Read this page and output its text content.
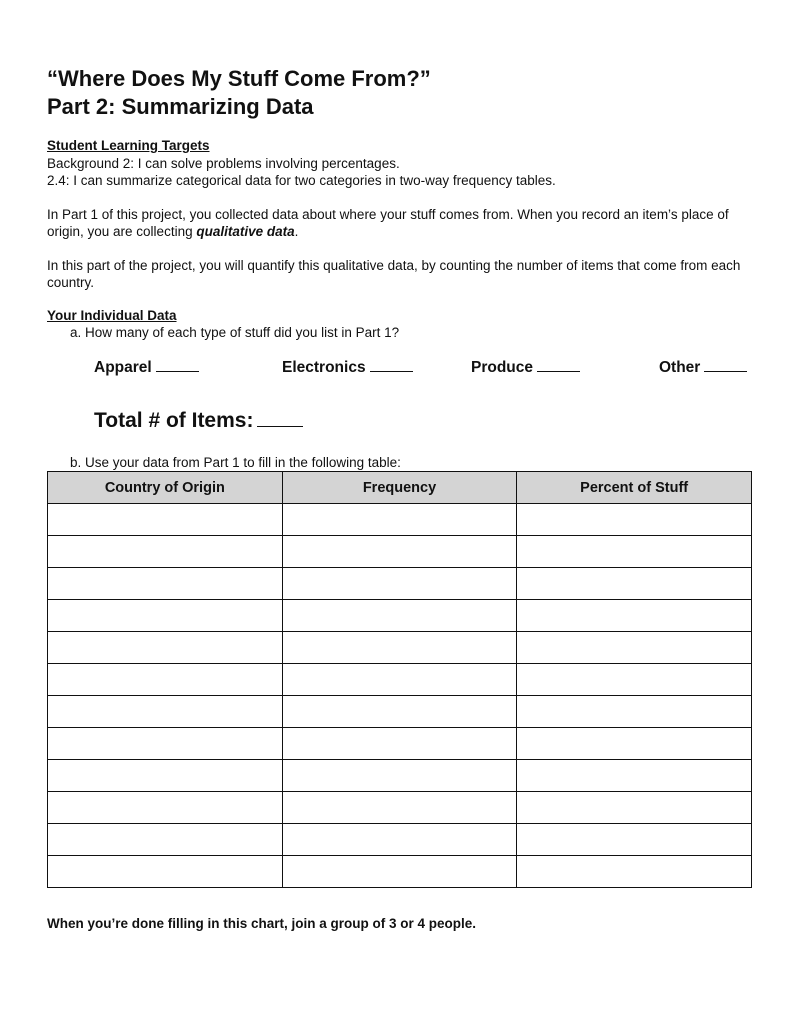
“Where Does My Stuff Come From?”
Part 2: Summarizing Data
Student Learning Targets
Background 2: I can solve problems involving percentages.
2.4: I can summarize categorical data for two categories in two-way frequency tables.
In Part 1 of this project, you collected data about where your stuff comes from. When you record an item’s place of origin, you are collecting qualitative data.
In this part of the project, you will quantify this qualitative data, by counting the number of items that come from each country.
Your Individual Data
a. How many of each type of stuff did you list in Part 1?
Apparel	Electronics	Produce	Other
Total # of Items:
b. Use your data from Part 1 to fill in the following table:
Country of Origin	Frequency	Percent of Stuff

When you’re done filling in this chart, join a group of 3 or 4 people.
